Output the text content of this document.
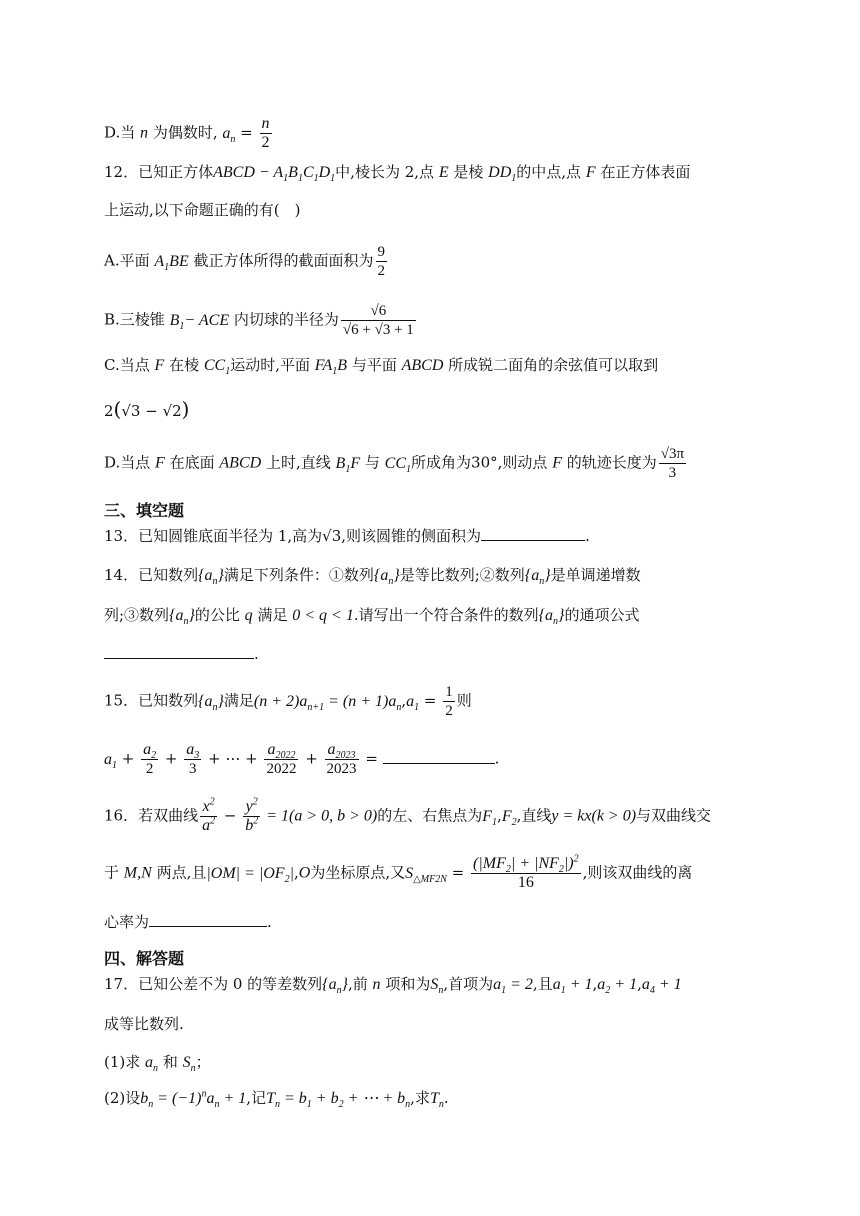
D.当 n 为偶数时, $a_n = \frac{n}{2}$
12．已知正方体ABCD − $A_1B_1C_1D_1$中,棱长为 2,点 E 是棱 $DD_1$的中点,点 F 在正方体表面
上运动,以下命题正确的有(　)
A.平面 $A_1BE$ 截正方体所得的截面面积为 $\frac{9}{2}$
B.三棱锥 $B_1-$ ACE 内切球的半径为 $\frac{√6}{√6 + √3 + 1}$
C.当点 F 在棱 $CC_1$运动时,平面 $FA_1B$ 与平面 ABCD 所成锐二面角的余弦值可以取到
2(√3 − √2)
D.当点 F 在底面 ABCD 上时,直线 $B_1F$ 与 $CC_1$所成角为30°,则动点 F 的轨迹长度为 $\frac{√3\pi}{3}$
三、填空题
13．已知圆锥底面半径为 1,高为√3,则该圆锥的侧面积为	.
14．已知数列$\{a_n\}$满足下列条件：①数列$\{a_n\}$是等比数列;②数列$\{a_n\}$是单调递增数
列;③数列$\{a_n\}$的公比 q 满足 0 < q < 1.请写出一个符合条件的数列$\{a_n\}$的通项公式
.
15．已知数列$\{a_n\}$满足$(n + 2)a_{n+1} = (n + 1)a_n,a_1 = \frac{1}{2}$ 则
$a_1 + \frac{a_2}{2} + \frac{a_3}{3}$ + ⋯ + $\frac{a_{2022}}{2022} + \frac{a_{2023}}{2023}$ =	.
16．若双曲线 $\frac{x^2}{a^2} - \frac{y^2}{b^2} = 1(a > 0$, b > 0)的左、右焦点为$F_1,F_2$,直线y = kx(k > 0)与双曲线交
于 M,N 两点,且$|OM| = |OF_2|,O$为坐标原点,又$S_{\triangle MF2N} = \frac{(|MF_2| + |NF_2|)^2}{16}$ ,则该双曲线的离
心率为	.
四、解答题
17．已知公差不为 0 的等差数列$\{a_n\}$,前 n 项和为$S_n$,首项为$a_1 = 2$,且$a_1 + 1,a_2 + 1,a_4 + 1$
成等比数列.
(1)求 $a_n$ 和 $S_n$；
(2)设$b_n = (-1)^na_n + 1$,记$T_n = b_1 + b_2$ + ⋯ + $b_n$,求$T_n$.
